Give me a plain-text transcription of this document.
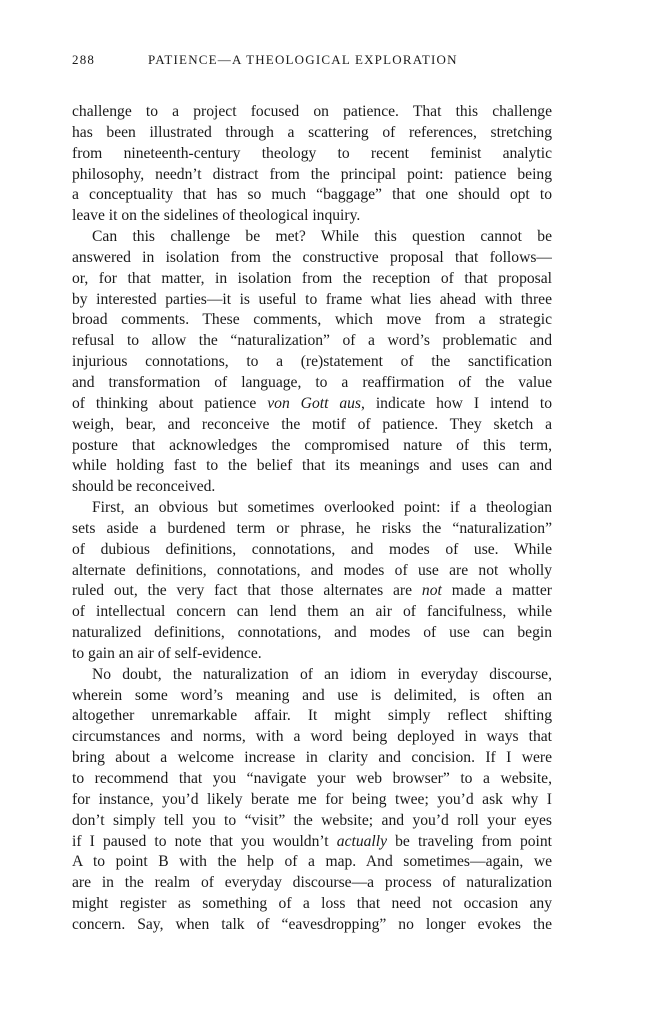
288	PATIENCE—A THEOLOGICAL EXPLORATION
challenge to a project focused on patience. That this challenge
has been illustrated through a scattering of references, stretching
from nineteenth-century theology to recent feminist analytic
philosophy, needn’t distract from the principal point: patience being
a conceptuality that has so much “baggage” that one should opt to
leave it on the sidelines of theological inquiry.
Can this challenge be met? While this question cannot be
answered in isolation from the constructive proposal that follows—
or, for that matter, in isolation from the reception of that proposal
by interested parties—it is useful to frame what lies ahead with three
broad comments. These comments, which move from a strategic
refusal to allow the “naturalization” of a word’s problematic and
injurious connotations, to a (re)statement of the sanctification
and transformation of language, to a reaffirmation of the value
of thinking about patience von Gott aus, indicate how I intend to
weigh, bear, and reconceive the motif of patience. They sketch a
posture that acknowledges the compromised nature of this term,
while holding fast to the belief that its meanings and uses can and
should be reconceived.
First, an obvious but sometimes overlooked point: if a theologian
sets aside a burdened term or phrase, he risks the “naturalization”
of dubious definitions, connotations, and modes of use. While
alternate definitions, connotations, and modes of use are not wholly
ruled out, the very fact that those alternates are not made a matter
of intellectual concern can lend them an air of fancifulness, while
naturalized definitions, connotations, and modes of use can begin
to gain an air of self-evidence.
No doubt, the naturalization of an idiom in everyday discourse,
wherein some word’s meaning and use is delimited, is often an
altogether unremarkable affair. It might simply reflect shifting
circumstances and norms, with a word being deployed in ways that
bring about a welcome increase in clarity and concision. If I were
to recommend that you “navigate your web browser” to a website,
for instance, you’d likely berate me for being twee; you’d ask why I
don’t simply tell you to “visit” the website; and you’d roll your eyes
if I paused to note that you wouldn’t actually be traveling from point
A to point B with the help of a map. And sometimes—again, we
are in the realm of everyday discourse—a process of naturalization
might register as something of a loss that need not occasion any
concern. Say, when talk of “eavesdropping” no longer evokes the
